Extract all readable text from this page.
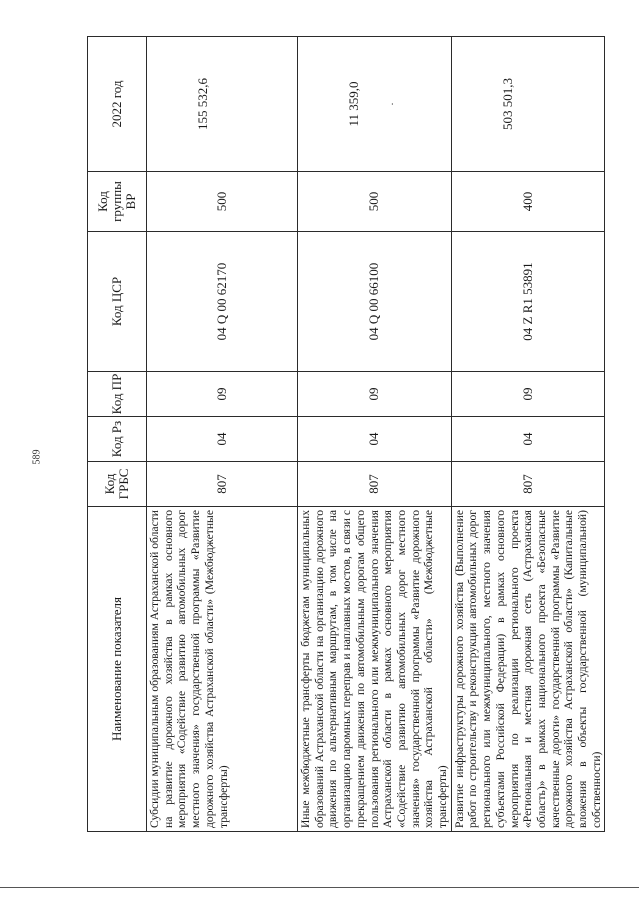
589
Наименование показателя	Код ГРБС	Код Рз	Код ПР	Код ЦСР	Код группы ВР	2022 год
Субсидии муниципальным образованиям Астраханской области на развитие дорожного хозяйства в рамках основного мероприятия «Содействие развитию автомобильных дорог местного значения» государственной программы «Развитие дорожного хозяйства Астраханской области» (Межбюджетные трансферты)	807	04	09	04 Q 00 62170	500	155 532,6
Иные межбюджетные трансферты бюджетам муниципальных образований Астраханской области на организацию дорожного движения по альтернативным маршрутам, в том числе на организацию паромных переправ и наплавных мостов, в связи с прекращением движения по автомобильным дорогам общего пользования регионального или межмуниципального значения Астраханской области в рамках основного мероприятия «Содействие развитию автомобильных дорог местного значения» государственной программы «Развитие дорожного хозяйства Астраханской области» (Межбюджетные трансферты)	807	04	09	04 Q 00 66100	500	11 359,0 .

Развитие инфраструктуры дорожного хозяйства (Выполнение работ по строительству и реконструкции автомобильных дорог регионального или межмуниципального, местного значения субъектами Российской Федерации) в рамках основного мероприятия по реализации регионального проекта «Региональная и местная дорожная сеть (Астраханская область)» в рамках национального проекта «Безопасные качественные дороги» государственной программы «Развитие дорожного хозяйства Астраханской области» (Капитальные вложения в объекты государственной (муниципальной) собственности)	807	04	09	04 Z R1 53891	400	503 501,3
